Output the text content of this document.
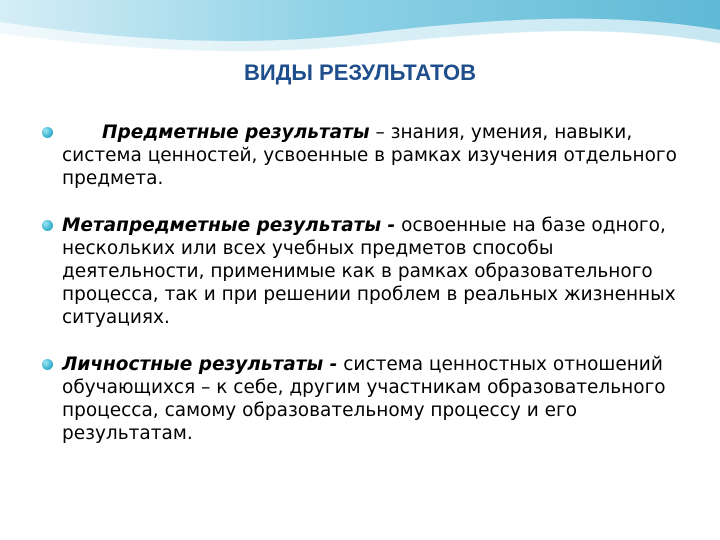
ВИДЫ РЕЗУЛЬТАТОВ
Предметные результаты – знания, умения, навыки, система ценностей, усвоенные в рамках изучения отдельного предмета.
Метапредметные результаты - освоенные на базе одного, нескольких или всех учебных предметов способы деятельности, применимые как в рамках образовательного процесса, так и при решении проблем в реальных жизненных ситуациях.
Личностные результаты - система ценностных отношений обучающихся – к себе, другим участникам образовательного процесса, самому образовательному процессу и его результатам.
